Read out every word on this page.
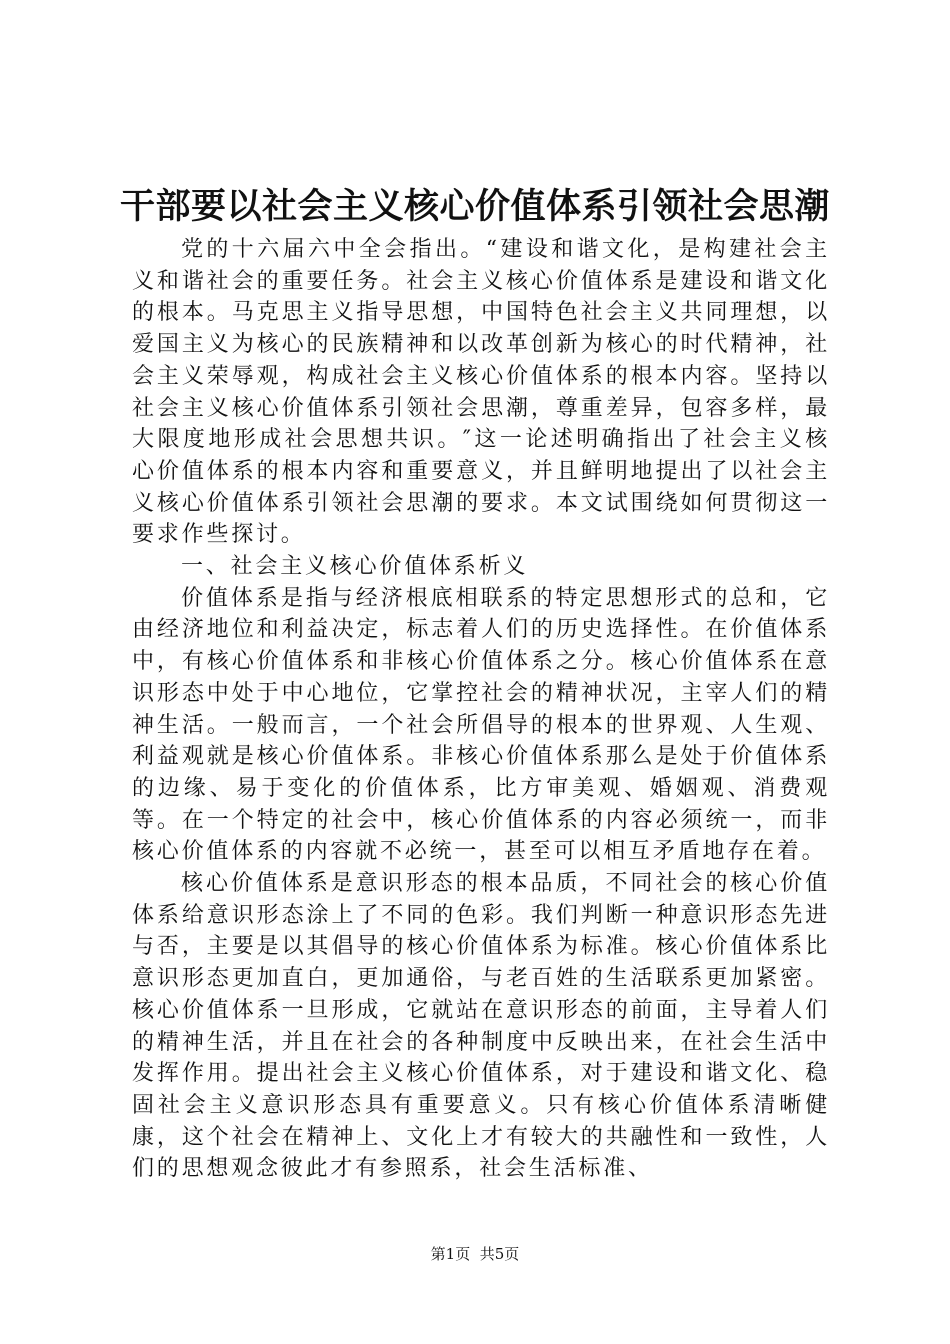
干部要以社会主义核心价值体系引领社会思潮

党的十六届六中全会指出。“建设和谐文化，是构建社会主义和谐社会的重要任务。社会主义核心价值体系是建设和谐文化的根本。马克思主义指导思想，中国特色社会主义共同理想，以爱国主义为核心的民族精神和以改革创新为核心的时代精神，社会主义荣辱观，构成社会主义核心价值体系的根本内容。坚持以社会主义核心价值体系引领社会思潮，尊重差异，包容多样，最大限度地形成社会思想共识。″这一论述明确指出了社会主义核心价值体系的根本内容和重要意义，并且鲜明地提出了以社会主义核心价值体系引领社会思潮的要求。本文试围绕如何贯彻这一要求作些探讨。

一、社会主义核心价值体系析义

价值体系是指与经济根底相联系的特定思想形式的总和，它由经济地位和利益决定，标志着人们的历史选择性。在价值体系中，有核心价值体系和非核心价值体系之分。核心价值体系在意识形态中处于中心地位，它掌控社会的精神状况，主宰人们的精神生活。一般而言，一个社会所倡导的根本的世界观、人生观、利益观就是核心价值体系。非核心价值体系那么是处于价值体系的边缘、易于变化的价值体系，比方审美观、婚姻观、消费观等。在一个特定的社会中，核心价值体系的内容必须统一，而非核心价值体系的内容就不必统一，甚至可以相互矛盾地存在着。

核心价值体系是意识形态的根本品质，不同社会的核心价值体系给意识形态涂上了不同的色彩。我们判断一种意识形态先进与否，主要是以其倡导的核心价值体系为标准。核心价值体系比意识形态更加直白，更加通俗，与老百姓的生活联系更加紧密。核心价值体系一旦形成，它就站在意识形态的前面，主导着人们的精神生活，并且在社会的各种制度中反映出来，在社会生活中发挥作用。提出社会主义核心价值体系，对于建设和谐文化、稳固社会主义意识形态具有重要意义。只有核心价值体系清晰健康，这个社会在精神上、文化上才有较大的共融性和一致性，人们的思想观念彼此才有参照系，社会生活标准、

第1页 共5页
